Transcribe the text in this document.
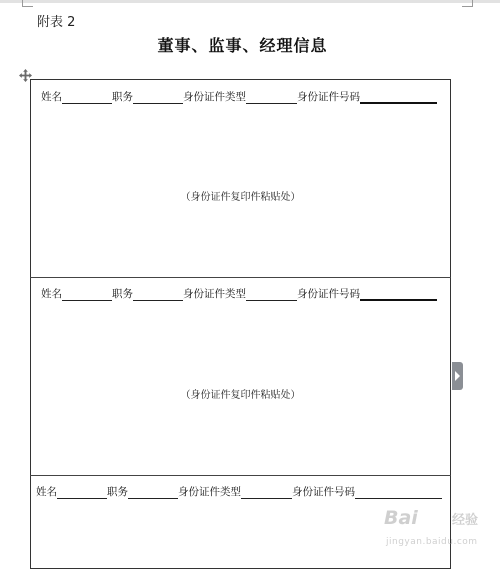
附表 2
董事、监事、经理信息
姓名	职务	身份证件类型	身份证件号码
（身份证件复印件粘贴处）
姓名	职务	身份证件类型	身份证件号码
（身份证件复印件粘贴处）
姓名	职务	身份证件类型	身份证件号码
Bai	经验
jingyan.baidu.com
